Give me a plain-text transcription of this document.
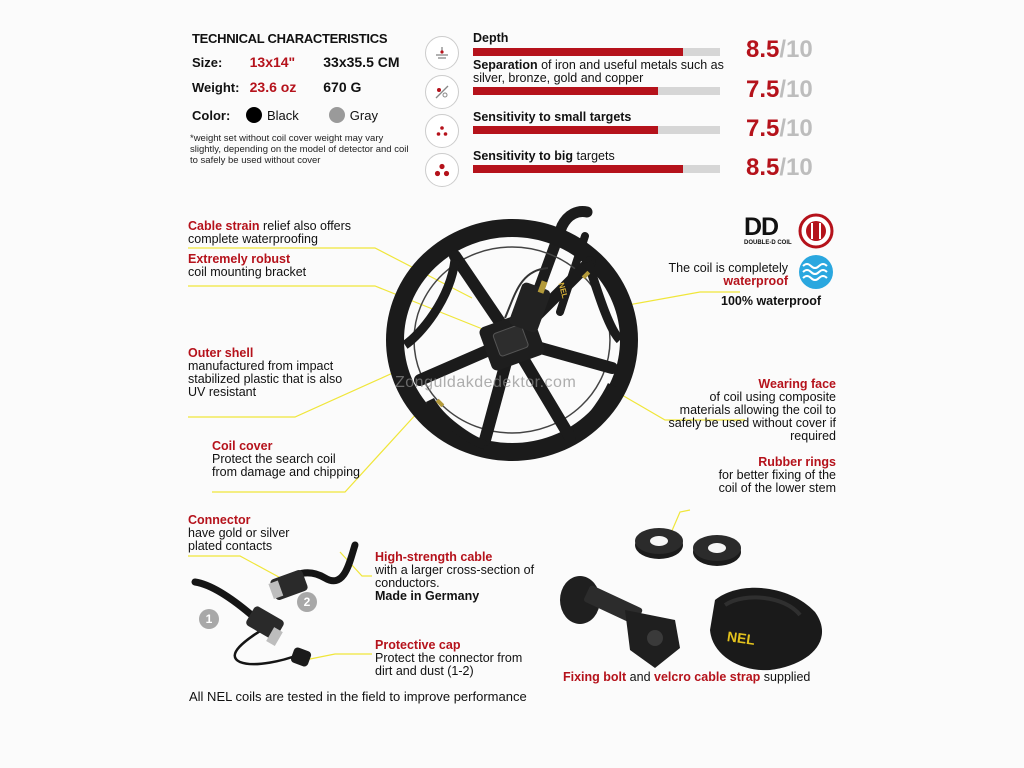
TECHNICAL CHARACTERISTICS
Size: 13x14" 33x35.5 CM
Weight: 23.6 oz 670 G
Color:	Black	Gray
*weight set without coil cover weight may vary slightly, depending on the model of detector and coil to safely be used without cover
Depth	8.5/10
Separation of iron and useful metals such as silver, bronze, gold and copper	7.5/10
Sensitivity to small targets	7.5/10
Sensitivity to big targets	8.5/10
NEL
NEL
1
2
DD
DOUBLE-D COIL
Cable strain relief also offers
complete waterproofing
Extremely robust
coil mounting bracket
Outer shell
manufactured from impact stabilized plastic that is also UV resistant
Coil cover
Protect the search coil from damage and chipping
Connector
have gold or silver plated contacts
High-strength cable
with a larger cross-section of conductors.
Made in Germany
Protective cap
Protect the connector from dirt and dust (1-2)
Wearing face
of coil using composite materials allowing the coil to safely be used without cover if required
Rubber rings
for better fixing of the coil of the lower stem
The coil is completely
waterproof
100% waterproof
Fixing bolt and velcro cable strap supplied
All NEL coils are tested in the field to improve performance
Zonguldakdedektor.com
